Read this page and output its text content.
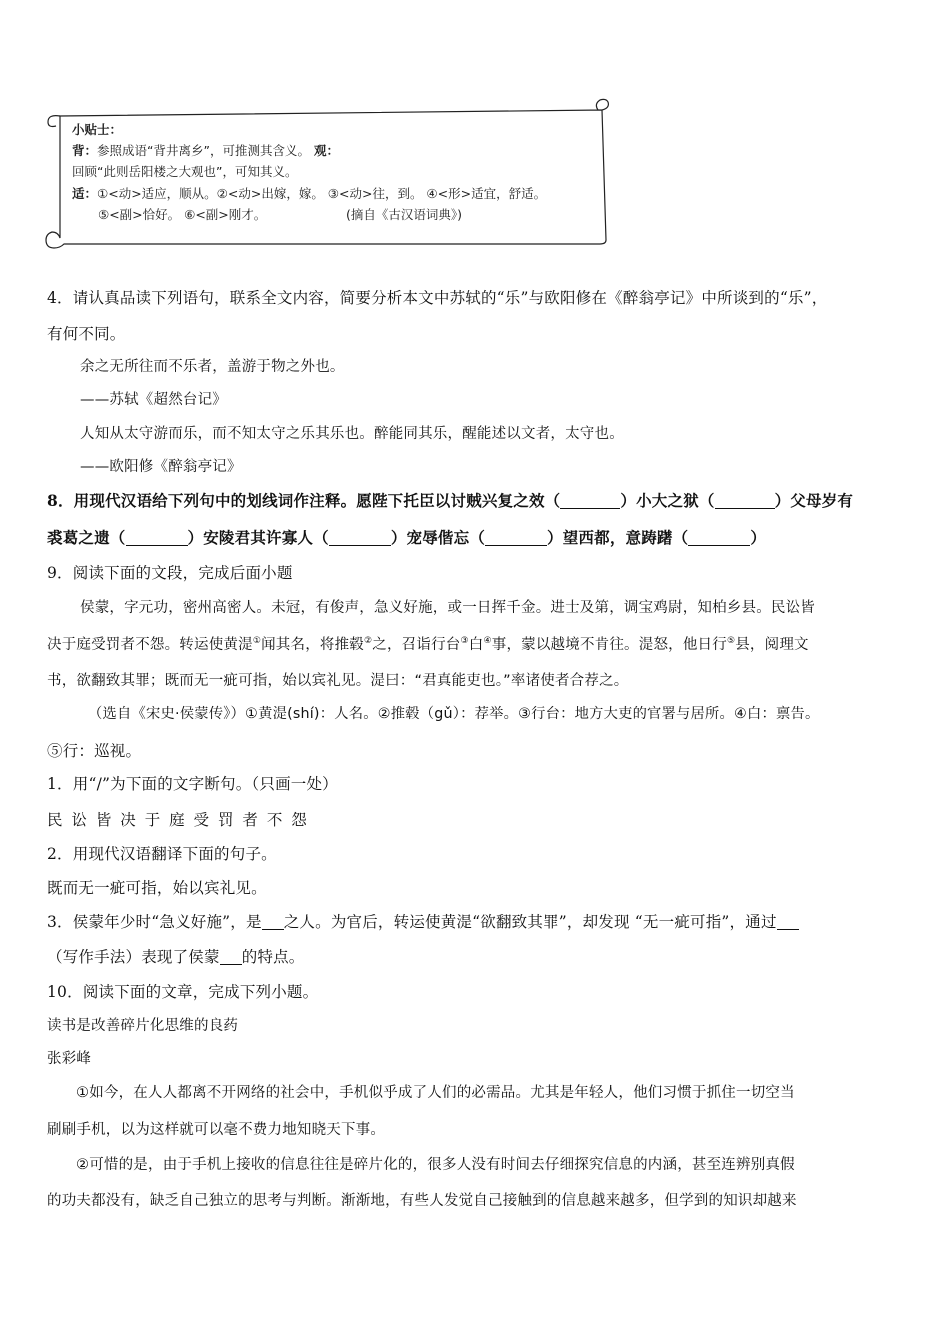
小贴士：
背：参照成语“背井离乡”，可推测其含义。 观：
回顾“此则岳阳楼之大观也”，可知其义。
适：①<动>适应，顺从。②<动>出嫁，嫁。 ③<动>往，到。 ④<形>适宜，舒适。
⑤<副>恰好。 ⑥<副>刚才。	(摘自《古汉语词典》)
4．请认真品读下列语句，联系全文内容，简要分析本文中苏轼的“乐”与欧阳修在《醉翁亭记》中所谈到的“乐”，
有何不同。
余之无所往而不乐者，盖游于物之外也。
——苏轼《超然台记》
人知从太守游而乐，而不知太守之乐其乐也。醉能同其乐，醒能述以文者，太守也。
——欧阳修《醉翁亭记》
8．用现代汉语给下列句中的划线词作注释。愿陛下托臣以讨贼兴复之效（	）小大之狱（	）父母岁有
裘葛之遗（	）安陵君其许寡人（	）宠辱偕忘（	）望西都，意踌躇（	）
9．阅读下面的文段，完成后面小题
侯蒙，字元功，密州高密人。未冠，有俊声，急义好施，或一日挥千金。进士及第，调宝鸡尉，知柏乡县。民讼皆
决于庭受罚者不怨。转运使黄湜①闻其名，将推毂②之，召诣行台③白④事，蒙以越境不肯往。湜怒，他日行⑤县，阅理文
书，欲翻致其罪；既而无一疵可指，始以宾礼见。湜曰：“君真能吏也。”率诸使者合荐之。
（选自《宋史·侯蒙传》）①黄湜(shí)：人名。②推毂（gǔ）：荐举。③行台：地方大吏的官署与居所。④白：禀告。
⑤行：巡视。
1．用“/”为下面的文字断句。（只画一处）
民 讼 皆 决 于 庭 受 罚 者 不 怨
2．用现代汉语翻译下面的句子。
既而无一疵可指，始以宾礼见。
3．侯蒙年少时“急义好施”，是 之人。为官后，转运使黄湜“欲翻致其罪”，却发现 “无一疵可指”，通过
（写作手法）表现了侯蒙 的特点。
10．阅读下面的文章，完成下列小题。
读书是改善碎片化思维的良药
张彩峰
①如今，在人人都离不开网络的社会中，手机似乎成了人们的必需品。尤其是年轻人，他们习惯于抓住一切空当
刷刷手机，以为这样就可以毫不费力地知晓天下事。
②可惜的是，由于手机上接收的信息往往是碎片化的，很多人没有时间去仔细探究信息的内涵，甚至连辨别真假
的功夫都没有，缺乏自己独立的思考与判断。渐渐地，有些人发觉自己接触到的信息越来越多，但学到的知识却越来
